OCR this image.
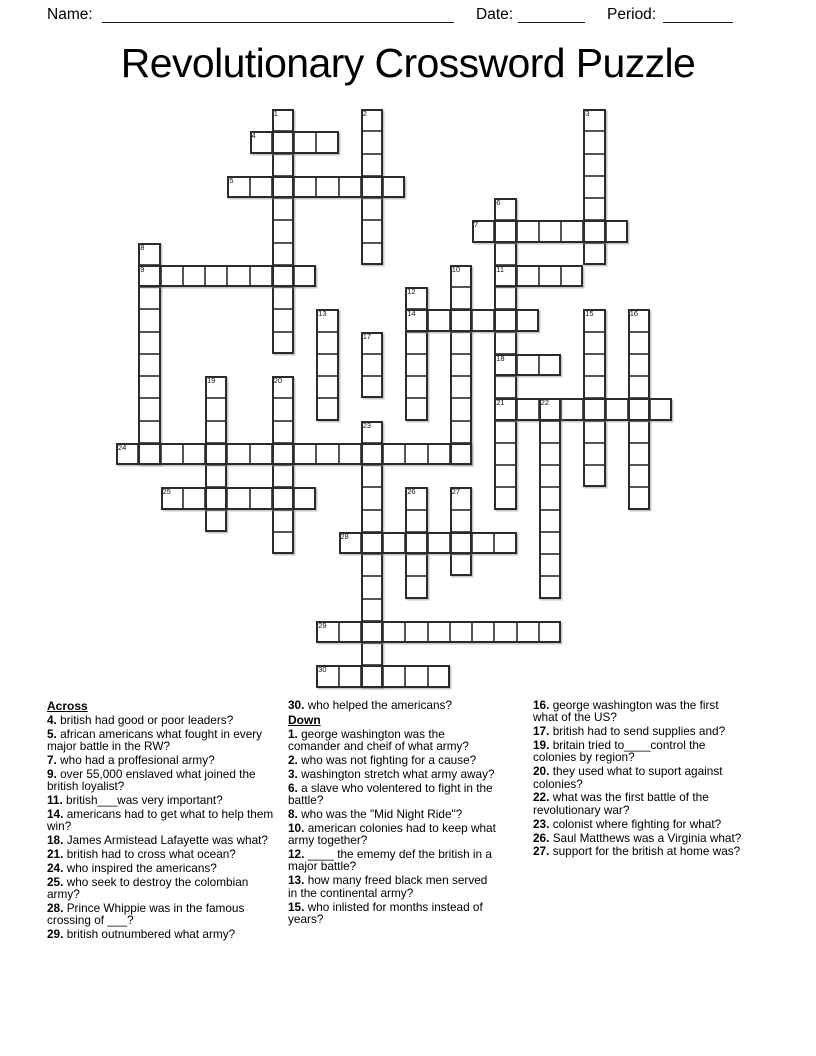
Name:	Date:	Period:
Revolutionary Crossword Puzzle
1	2	3
4
5
6
7
8
9	10	11
12
13	14	15	16
17
18
19	20
21	22
23
24
25	26	27
28
29
30
Across
4. british had good or poor leaders?
5. african americans what fought in every major battle in the RW?
7. who had a proffesional army?
9. over 55,000 enslaved what joined the british loyalist?
11. british___was very important?
14. americans had to get what to help them win?
18. James Armistead Lafayette was what?
21. british had to cross what ocean?
24. who inspired the americans?
25. who seek to destroy the colombian army?
28. Prince Whippie was in the famous crossing of ___?
29. british outnumbered what army?
30. who helped the americans?
Down
1. george washington was the comander and cheif of what army?
2. who was not fighting for a cause?
3. washington stretch what army away?
6. a slave who volentered to fight in the battle?
8. who was the "Mid Night Ride"?
10. american colonies had to keep what army together?
12. ____ the ememy def the british in a major battle?
13. how many freed black men served in the continental army?
15. who inlisted for months instead of years?
16. george washington was the first what of the US?
17. british had to send supplies and?
19. britain tried to____control the colonies by region?
20. they used what to suport against colonies?
22. what was the first battle of the revolutionary war?
23. colonist where fighting for what?
26. Saul Matthews was a Virginia what?
27. support for the british at home was?
